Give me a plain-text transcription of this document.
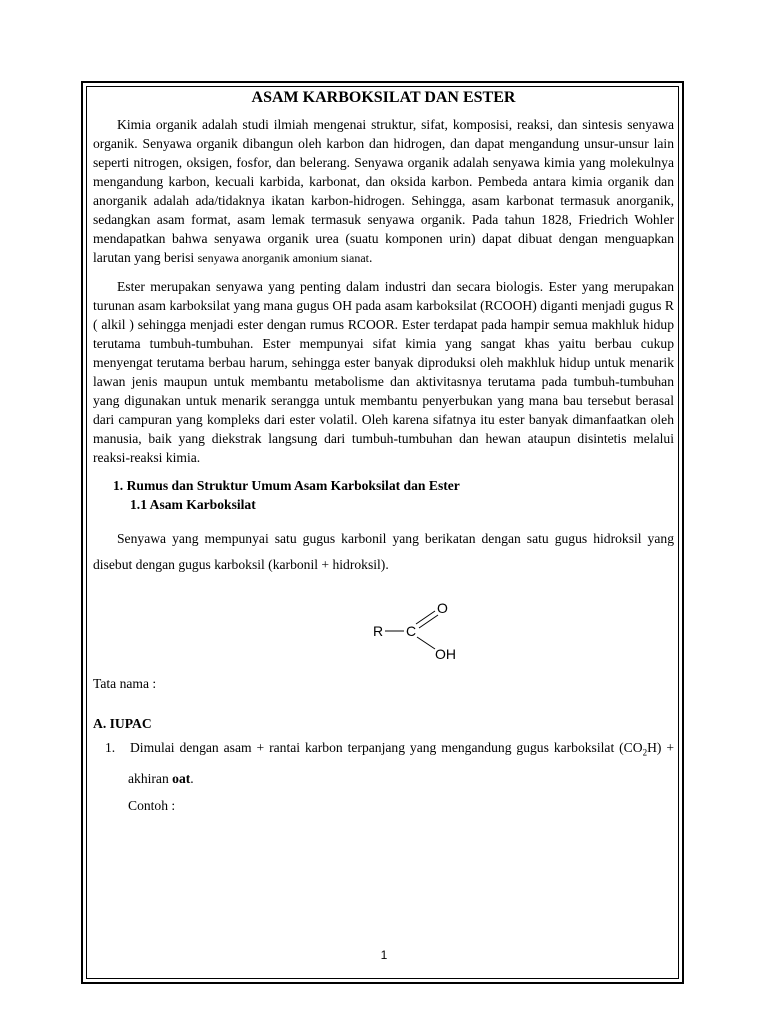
ASAM KARBOKSILAT DAN ESTER

Kimia organik adalah studi ilmiah mengenai struktur, sifat, komposisi, reaksi, dan sintesis senyawa organik. Senyawa organik dibangun oleh karbon dan hidrogen, dan dapat mengandung unsur-unsur lain seperti nitrogen, oksigen, fosfor, dan belerang. Senyawa organik adalah senyawa kimia yang molekulnya mengandung karbon, kecuali karbida, karbonat, dan oksida karbon. Pembeda antara kimia organik dan anorganik adalah ada/tidaknya ikatan karbon-hidrogen. Sehingga, asam karbonat termasuk anorganik, sedangkan asam format, asam lemak termasuk senyawa organik. Pada tahun 1828, Friedrich Wohler mendapatkan bahwa senyawa organik urea (suatu komponen urin) dapat dibuat dengan menguapkan larutan yang berisi senyawa anorganik amonium sianat.

Ester merupakan senyawa yang penting dalam industri dan secara biologis. Ester yang merupakan turunan asam karboksilat yang mana gugus OH pada asam karboksilat (RCOOH) diganti menjadi gugus R ( alkil ) sehingga menjadi ester dengan rumus RCOOR. Ester terdapat pada hampir semua makhluk hidup terutama tumbuh-tumbuhan. Ester mempunyai sifat kimia yang sangat khas yaitu berbau cukup menyengat terutama berbau harum, sehingga ester banyak diproduksi oleh makhluk hidup untuk menarik lawan jenis maupun untuk membantu metabolisme dan aktivitasnya terutama pada tumbuh-tumbuhan yang digunakan untuk menarik serangga untuk membantu penyerbukan yang mana bau tersebut berasal dari campuran yang kompleks dari ester volatil. Oleh karena sifatnya itu ester banyak dimanfaatkan oleh manusia, baik yang diekstrak langsung dari tumbuh-tumbuhan dan hewan ataupun disintetis melalui reaksi-reaksi kimia.

1. Rumus dan Struktur Umum Asam Karboksilat dan Ester
1.1 Asam Karboksilat

Senyawa yang mempunyai satu gugus karbonil yang berikatan dengan satu gugus hidroksil yang disebut dengan gugus karboksil (karbonil + hidroksil).

R C
O
OH

Tata nama :

A. IUPAC

1. Dimulai dengan asam + rantai karbon terpanjang yang mengandung gugus karboksilat $(CO_2H)$ + akhiran oat.

Contoh :

1
